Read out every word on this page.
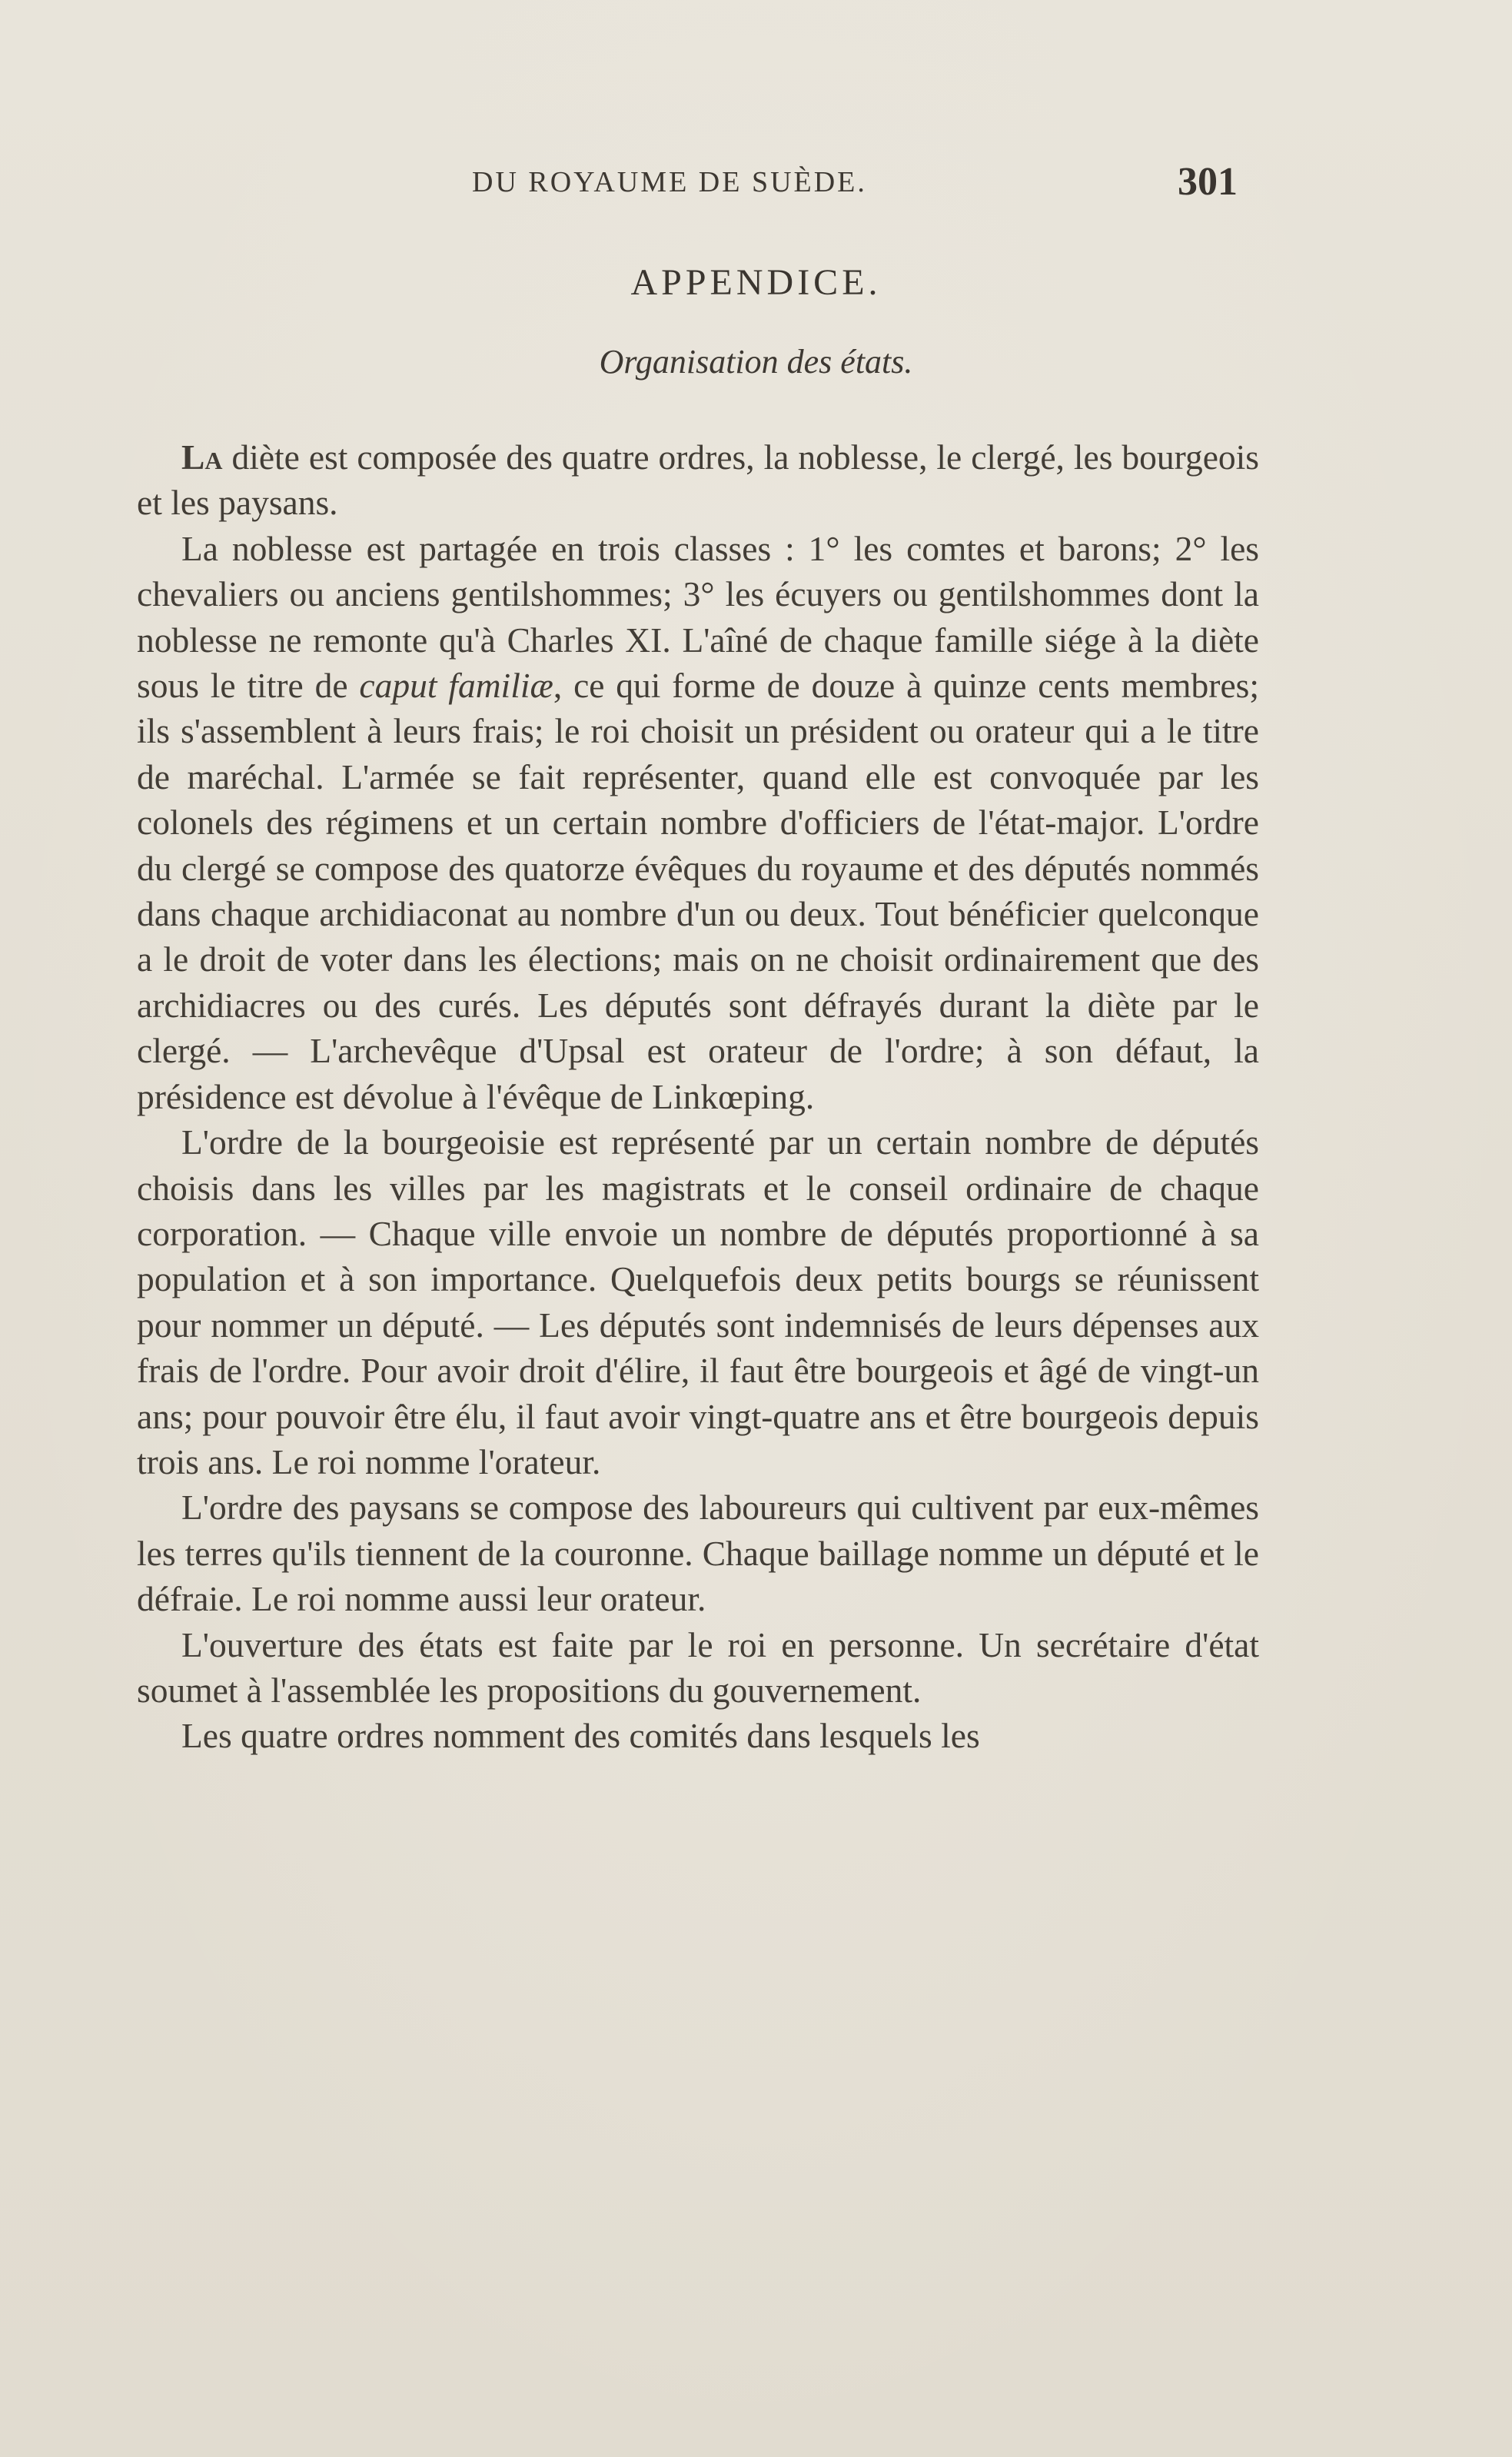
DU ROYAUME DE SUÈDE.	301
APPENDICE.
Organisation des états.

La diète est composée des quatre ordres, la noblesse, le clergé, les bourgeois et les paysans.

La noblesse est partagée en trois classes : 1° les comtes et barons; 2° les chevaliers ou anciens gentilshommes; 3° les écuyers ou gentilshommes dont la noblesse ne remonte qu'à Charles XI. L'aîné de chaque famille siége à la diète sous le titre de caput familiæ, ce qui forme de douze à quinze cents membres; ils s'assemblent à leurs frais; le roi choisit un président ou orateur qui a le titre de maréchal. L'armée se fait représenter, quand elle est convoquée par les colonels des régimens et un certain nombre d'officiers de l'état-major. L'ordre du clergé se compose des quatorze évêques du royaume et des députés nommés dans chaque archidiaconat au nombre d'un ou deux. Tout bénéficier quelconque a le droit de voter dans les élections; mais on ne choisit ordinairement que des archidiacres ou des curés. Les députés sont défrayés durant la diète par le clergé. — L'archevêque d'Upsal est orateur de l'ordre; à son défaut, la présidence est dévolue à l'évêque de Linkœping.

L'ordre de la bourgeoisie est représenté par un certain nombre de députés choisis dans les villes par les magistrats et le conseil ordinaire de chaque corporation. — Chaque ville envoie un nombre de députés proportionné à sa population et à son importance. Quelquefois deux petits bourgs se réunissent pour nommer un député. — Les députés sont indemnisés de leurs dépenses aux frais de l'ordre. Pour avoir droit d'élire, il faut être bourgeois et âgé de vingt-un ans; pour pouvoir être élu, il faut avoir vingt-quatre ans et être bourgeois depuis trois ans. Le roi nomme l'orateur.

L'ordre des paysans se compose des laboureurs qui cultivent par eux-mêmes les terres qu'ils tiennent de la couronne. Chaque baillage nomme un député et le défraie. Le roi nomme aussi leur orateur.

L'ouverture des états est faite par le roi en personne. Un secrétaire d'état soumet à l'assemblée les propositions du gouvernement.

Les quatre ordres nomment des comités dans lesquels les
